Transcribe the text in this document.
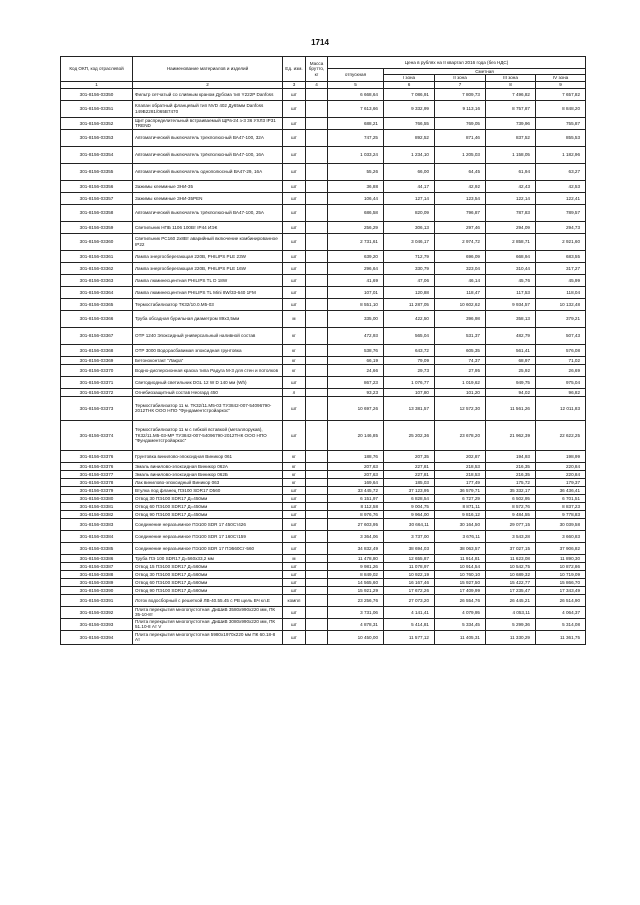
1714
Код ОКП, код отраслевой	Наименование материалов и изделий	Ед. изм.	Масса брутто, кг	Цена в рублях на II квартал 2016 года (без НДС)				
				отпускная	Сметная			
					I зона	II зона	III зона	IV зона
1	2	3	4	5	6	7	8	9
301-8156-03350	Фильтр сетчатый со сливным краном Дубсма тип Y222P Danfoss	шт		6 668,64	7 086,91	7 809,73	7 496,82	7 657,82
301-8156-03351	Клапан обратный фланцевый тип NVD 402 Ду65мм Danfoss 149B2281/065B7470	шт		7 613,66	9 332,99	9 113,16	8 757,87	8 848,20
301-8156-03352	Щит распределительный встраиваемый ЩРв-24 з-3 36 УХЛ3 IP31 TREND	шт		688,21	766,55	769,05	739,96	755,87
301-8156-03353	Автоматический выключатель трехполюсный ВА47-100, 32А	шт		747,25	892,52	871,46	837,52	855,53
301-8156-03354	Автоматический выключатель трёхполюсный ВА47-100, 16А	шт		1 033,24	1 234,10	1 205,03	1 158,05	1 182,96
301-8156-03355	Автоматический выключатель однополюсный ВА47-29, 16А	шт		55,26	66,00	64,45	61,94	63,27
301-8156-03356	Зажимы клеммные ЗНИ-35	шт		36,88	44,17	42,92	42,43	42,53
301-8156-03357	Зажимы клеммные ЗНИ-35PEN	шт		106,44	127,14	123,54	122,14	122,41
301-8156-03358	Автоматический выключатель трёхполюсный ВА47-100, 25А	шт		686,58	820,09	796,87	787,83	789,57
301-8156-03359	Светильник НПБ 1106 100Вт IP44 ИЭК	шт		256,29	306,13	297,46	294,09	294,73
301-8156-03360	Светильник РС160 2х8Вт аварийный включение комбинированное IP22	шт		2 731,61	3 046,17	2 974,72	2 858,71	2 921,60
301-8156-03361	Лампа энергосберегающая 220В, PHILIPS PLE 23W	шт		639,20	712,79	696,09	668,94	683,55
301-8156-03362	Лампа энергосберегающая 220В, PHILIPS PLE 16W	шт		296,64	330,79	323,04	310,44	317,27
301-8156-03363	Лампа люминесцентная PHILIPS TL D 18W	шт		41,69	47,06	46,14	45,76	45,99
301-8156-03364	Лампа люминесцентная PHILIPS TL Mini 8W/33-640 1FM	шт		107,01	120,88	118,47	117,53	118,04
301-8156-03365	Термостабилизатор ТК32/10.0.М5-03	шт		8 551,10	11 287,05	10 602,62	9 934,57	10 132,48
301-8156-03366	Труба обсадная бурильная диаметром 89х3,5мм	м		335,00	422,50	396,98	358,13	379,21
301-8156-03367	ОТР 1240 Эпоксидный универсальный наливной состав	кг		472,93	565,04	531,37	482,79	507,43
301-8156-03368	ОТР 3000 Водорасбавимая эпоксидная грунтовка	кг		538,76	643,72	605,35	561,41	576,08
301-8156-03369	Бетоноконтакт "Лакра"	кг		66,19	79,09	74,37	68,97	71,02
301-8156-03370	Водно-дисперсионная краска типа Радуга М-3 для стен и потолков	кг		24,66	29,73	27,95	25,92	26,69
301-8156-03371	Светодиодный светильник DGL 12 W D 140 мм (Wh)	шт		867,23	1 076,77	1 019,62	949,75	975,04
301-8156-03372	Огнебиозащитный состав Неогард 450	л		93,23	107,80	101,20	94,02	96,82
301-8156-03373	Термостабилизатор 11 м. ТК32/11.М5-03 ТУ3842-007-54096790-2012ТНК ООО НПО "Фундаментстройаркос"	шт		10 697,26	13 381,57	12 572,30	11 561,26	12 011,83
301-8156-03374	Термостабилизатор 11 м с гибкой вставкой (металлорукав), ТК32/11.М5-03-МР ТУ3842-007-54096790-2012ТНК ООО НПО "Фундаментстройаркос"	шт		20 146,85	25 202,36	23 678,20	21 962,39	22 622,25
301-8156-03376	Грунтовка винилово-эпоксидная Виникор 061	кг		188,76	207,35	202,87	194,93	198,99
301-8156-03376	Эмаль винилово-эпоксидная Виникор 062А	кг		207,63	227,81	218,53	216,35	220,84
301-8156-03377	Эмаль винилово-эпоксидная Виникор 062Б	кг		207,63	227,81	218,53	216,35	220,84
301-8156-03378	Лак винилово-эпоксидный Виникор 063	кг		169,64	185,03	177,49	175,72	179,37
301-8156-03379	Втулка под фланец ПЭ100 SDR17 D560	шт		33 445,72	37 123,95	36 579,71	35 332,17	36 436,41
301-8156-03380	Отвод 30 ПЭ100 SDR17 Д=450мм	шт		6 151,97	6 828,54	6 727,29	6 502,95	6 701,51
301-8156-03381	Отвод 60 ПЭ100 SDR17 Д=450мм	шт		8 112,58	9 004,75	8 871,11	8 572,76	8 837,23
301-8156-03382	Отвод 90 ПЭ100 SDR17 Д=450мм	шт		8 976,76	9 964,00	9 816,12	9 484,55	9 778,83
301-8156-03383	Соединение неразъемное ПЭ100 SDR 17 450Ст426	шт		27 603,95	30 664,11	30 164,50	29 077,15	30 039,58
301-8156-03384	Соединение неразъемное ПЭ100 SDR 17 160Ст159	шт		3 364,06	3 737,00	3 676,11	3 543,28	3 660,83
301-8156-03385	Соединение неразъемное ПЭ100 SDR 17 ПЭ560Ст-560	шт		34 832,49	38 694,03	38 063,57	37 027,15	37 906,82
301-8156-03386	Труба ПЭ 100 SDR17 Д=560х33,2 мм	м		11 478,80	12 655,87	11 914,81	11 623,08	11 890,30
301-8156-03387	Отвод 15 ПЭ100 SDR17 Д=560мм	шт		9 981,26	11 078,97	10 914,54	10 542,75	10 872,86
301-8156-03388	Отвод 30 ПЭ100 SDR17 Д=560мм	шт		8 849,02	10 922,19	10 760,10	10 689,32	10 719,09
301-8156-03389	Отвод 60 ПЭ100 SDR17 Д=560мм	шт		14 565,60	16 167,46	15 927,50	15 422,77	15 866,70
301-8156-03390	Отвод 90 ПЭ100 SDR17 Д=560мм	шт		15 921,29	17 672,26	17 409,99	17 235,47	17 343,49
301-8156-03391	Лоток водосборный с решеткой ЛВ-40.55.45 с РВ щель ВЧ кл.Е	компл		23 256,76	27 073,20	26 554,76	26 445,21	26 514,90
301-8156-03392	Плита перекрытия многопустотная ,ДиШиВ 3580х990х220 мм, ПК 35-10-8т	шт		3 731,06	4 141,41	4 079,95	4 053,11	4 064,37
301-8156-03393	Плита перекрытия многопустотная ,ДиШиВ 3080х990х220 мм, ПК 51.10-8 Ат V	шт		4 878,31	5 414,81	5 334,45	5 299,36	5 314,08
301-8156-03394	Плита перекрытия многопустотная 5980х1970х220 мм ПК 60.18-8 Ат	шт		10 450,00	11 577,12	11 405,31	11 330,29	11 361,75
